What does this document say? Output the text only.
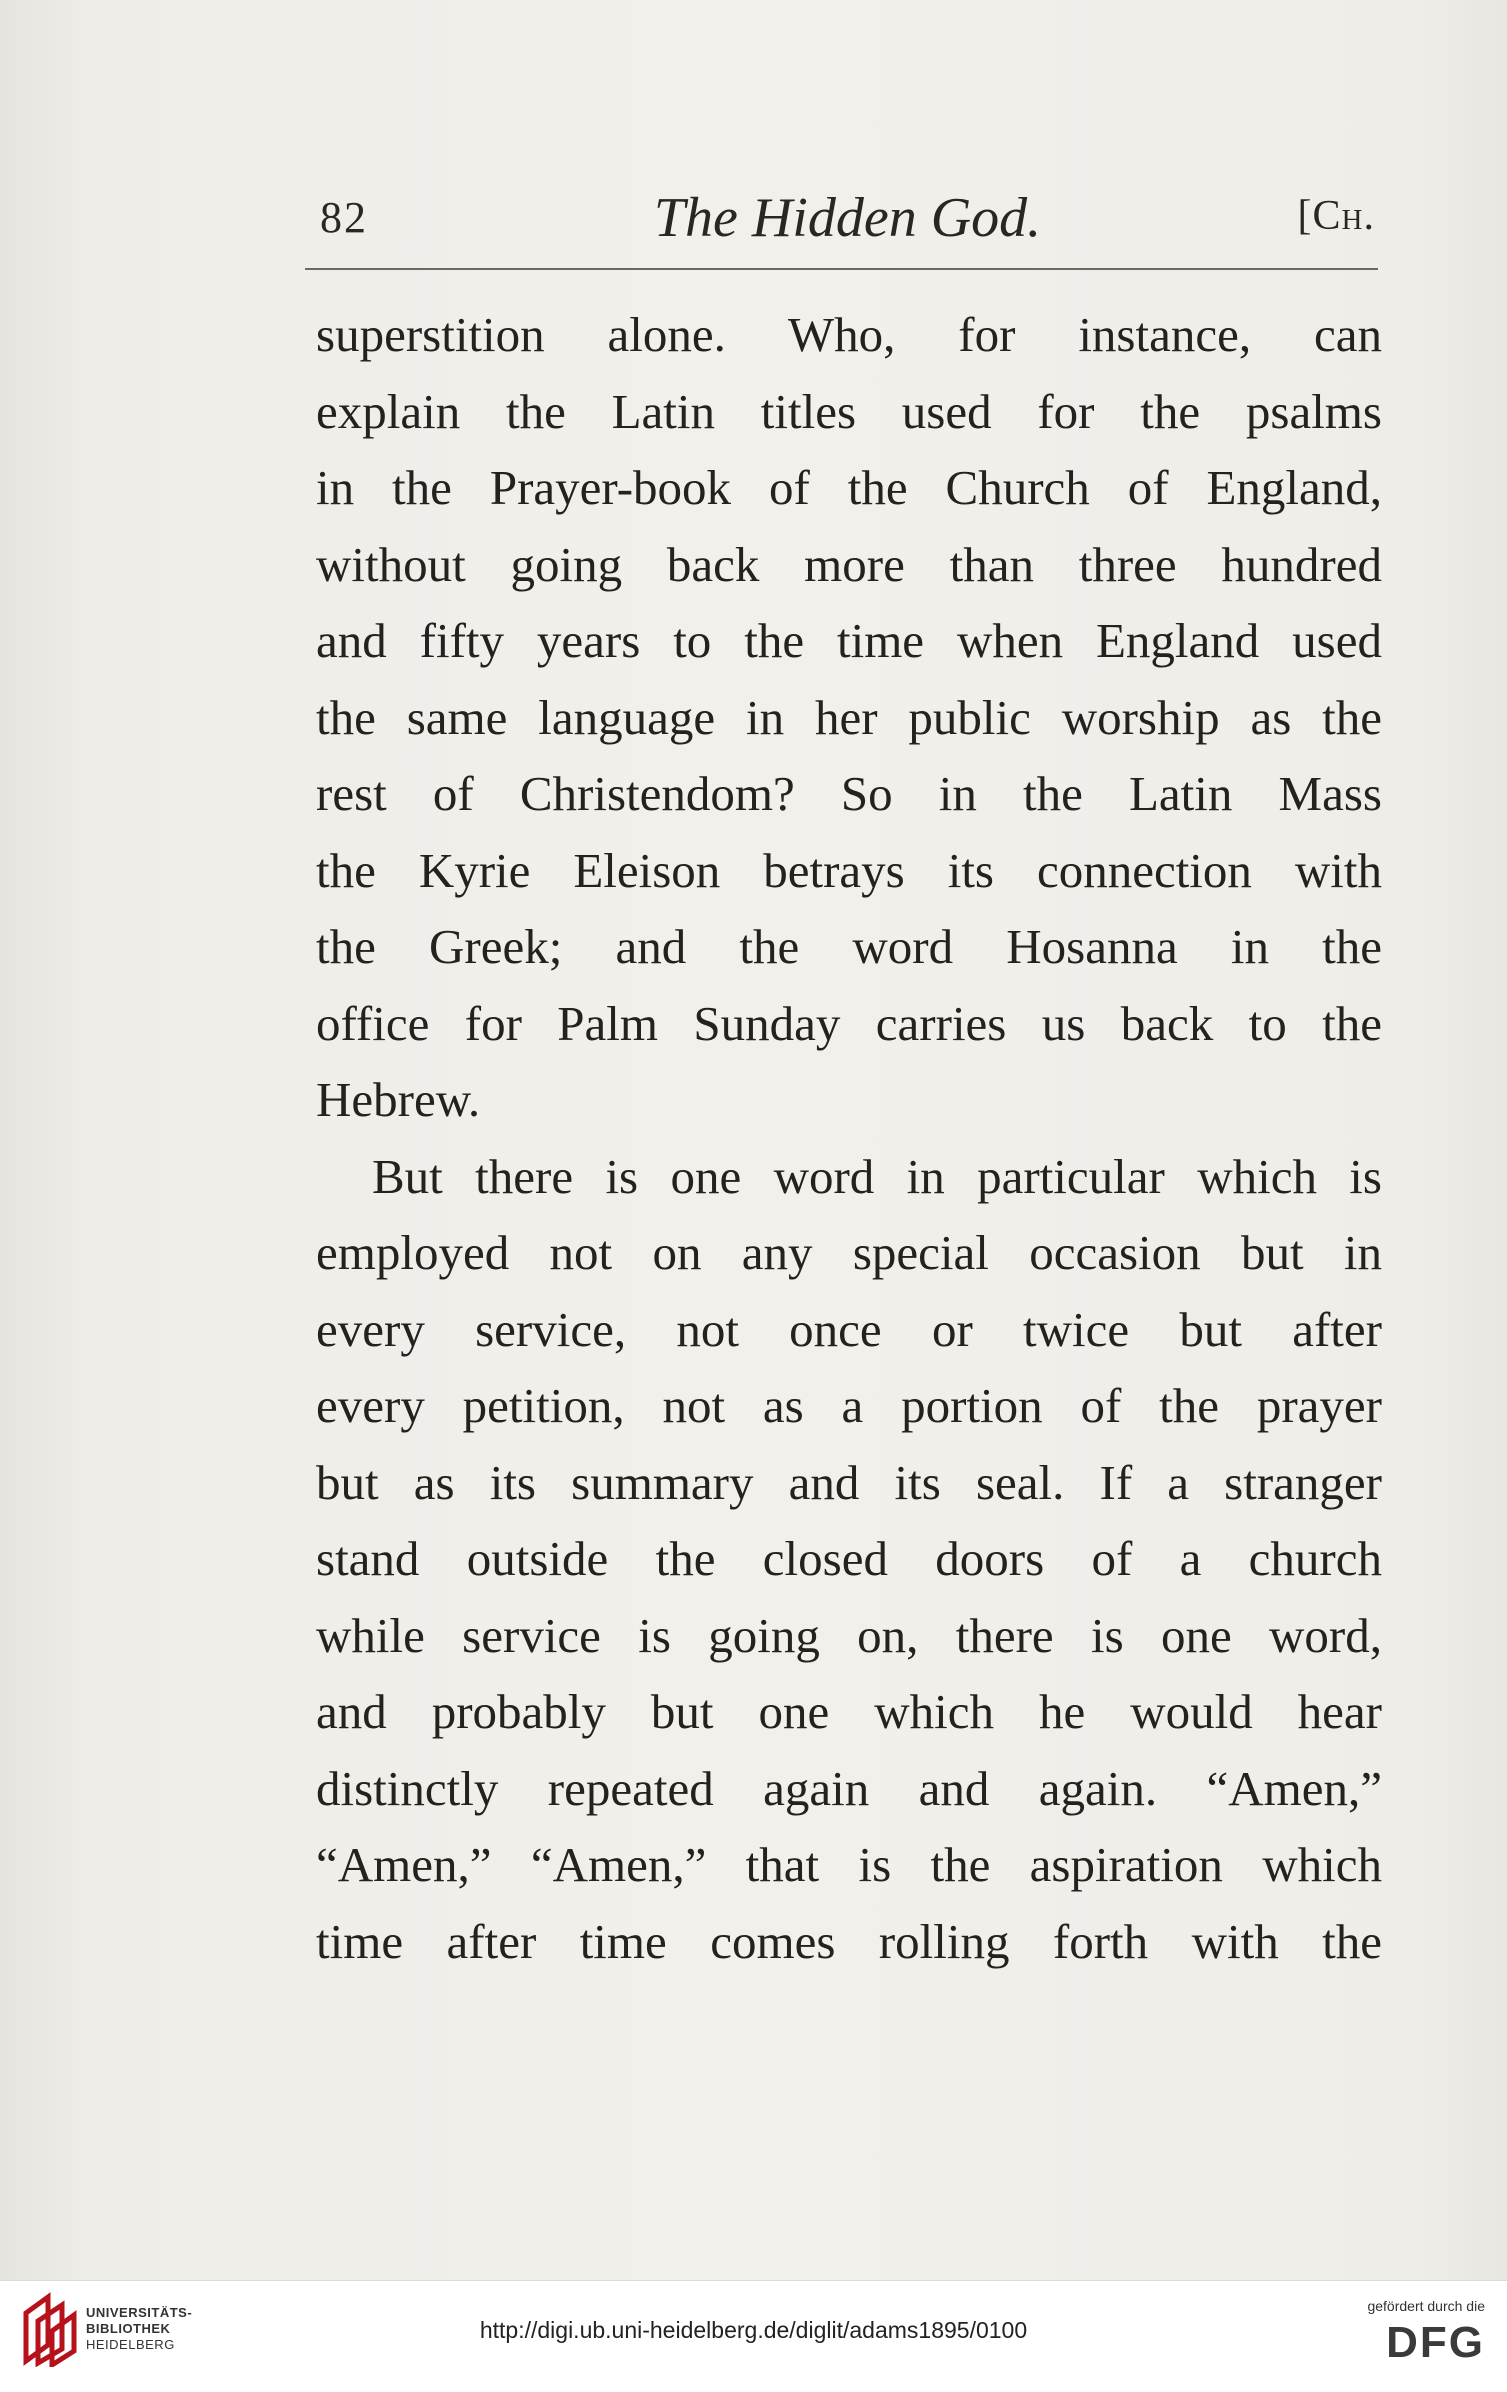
82	The Hidden God.	[Ch.
superstition alone. Who, for instance, can
explain the Latin titles used for the psalms
in the Prayer-book of the Church of England,
without going back more than three hundred
and fifty years to the time when England used
the same language in her public worship as the
rest of Christendom? So in the Latin Mass
the Kyrie Eleison betrays its connection with
the Greek; and the word Hosanna in the
office for Palm Sunday carries us back to the
Hebrew.
But there is one word in particular which is
employed not on any special occasion but in
every service, not once or twice but after
every petition, not as a portion of the prayer
but as its summary and its seal. If a stranger
stand outside the closed doors of a church
while service is going on, there is one word,
and probably but one which he would hear
distinctly repeated again and again. “Amen,”
“Amen,” “Amen,” that is the aspiration which
time after time comes rolling forth with the
UNIVERSITÄTS-
BIBLIOTHEK
HEIDELBERG
http://digi.ub.uni-heidelberg.de/diglit/adams1895/0100
gefördert durch die
DFG
